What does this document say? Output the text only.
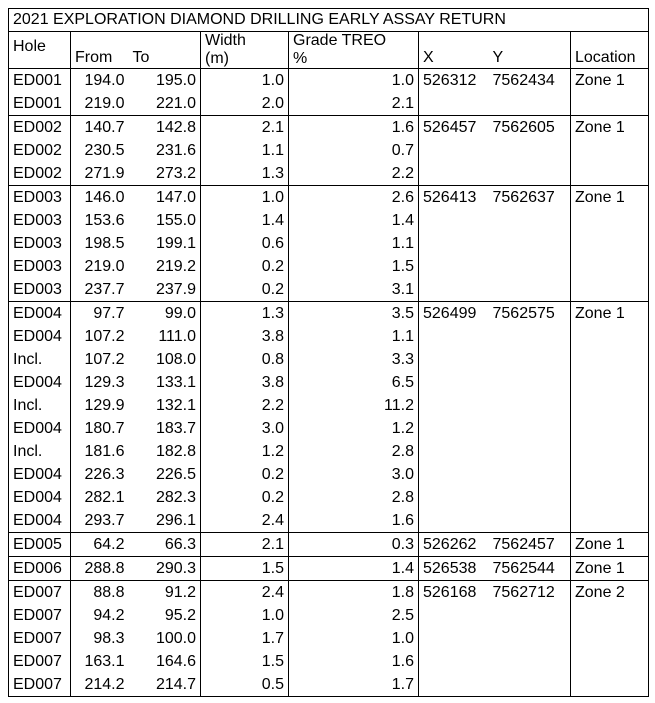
2021 EXPLORATION DIAMOND DRILLING EARLY ASSAY RETURN							
Hole	From	To	Width	Grade TREO	X	Y	Location
			(m)	%			
ED001	194.0	195.0	1.0	1.0	526312	7562434	Zone 1
ED001	219.0	221.0	2.0	2.1			
ED002	140.7	142.8	2.1	1.6	526457	7562605	Zone 1
ED002	230.5	231.6	1.1	0.7			
ED002	271.9	273.2	1.3	2.2			
ED003	146.0	147.0	1.0	2.6	526413	7562637	Zone 1
ED003	153.6	155.0	1.4	1.4			
ED003	198.5	199.1	0.6	1.1			
ED003	219.0	219.2	0.2	1.5			
ED003	237.7	237.9	0.2	3.1			
ED004	97.7	99.0	1.3	3.5	526499	7562575	Zone 1
ED004	107.2	111.0	3.8	1.1			
Incl.	107.2	108.0	0.8	3.3			
ED004	129.3	133.1	3.8	6.5			
Incl.	129.9	132.1	2.2	11.2			
ED004	180.7	183.7	3.0	1.2			
Incl.	181.6	182.8	1.2	2.8			
ED004	226.3	226.5	0.2	3.0			
ED004	282.1	282.3	0.2	2.8			
ED004	293.7	296.1	2.4	1.6			
ED005	64.2	66.3	2.1	0.3	526262	7562457	Zone 1
ED006	288.8	290.3	1.5	1.4	526538	7562544	Zone 1
ED007	88.8	91.2	2.4	1.8	526168	7562712	Zone 2
ED007	94.2	95.2	1.0	2.5			
ED007	98.3	100.0	1.7	1.0			
ED007	163.1	164.6	1.5	1.6			
ED007	214.2	214.7	0.5	1.7			
